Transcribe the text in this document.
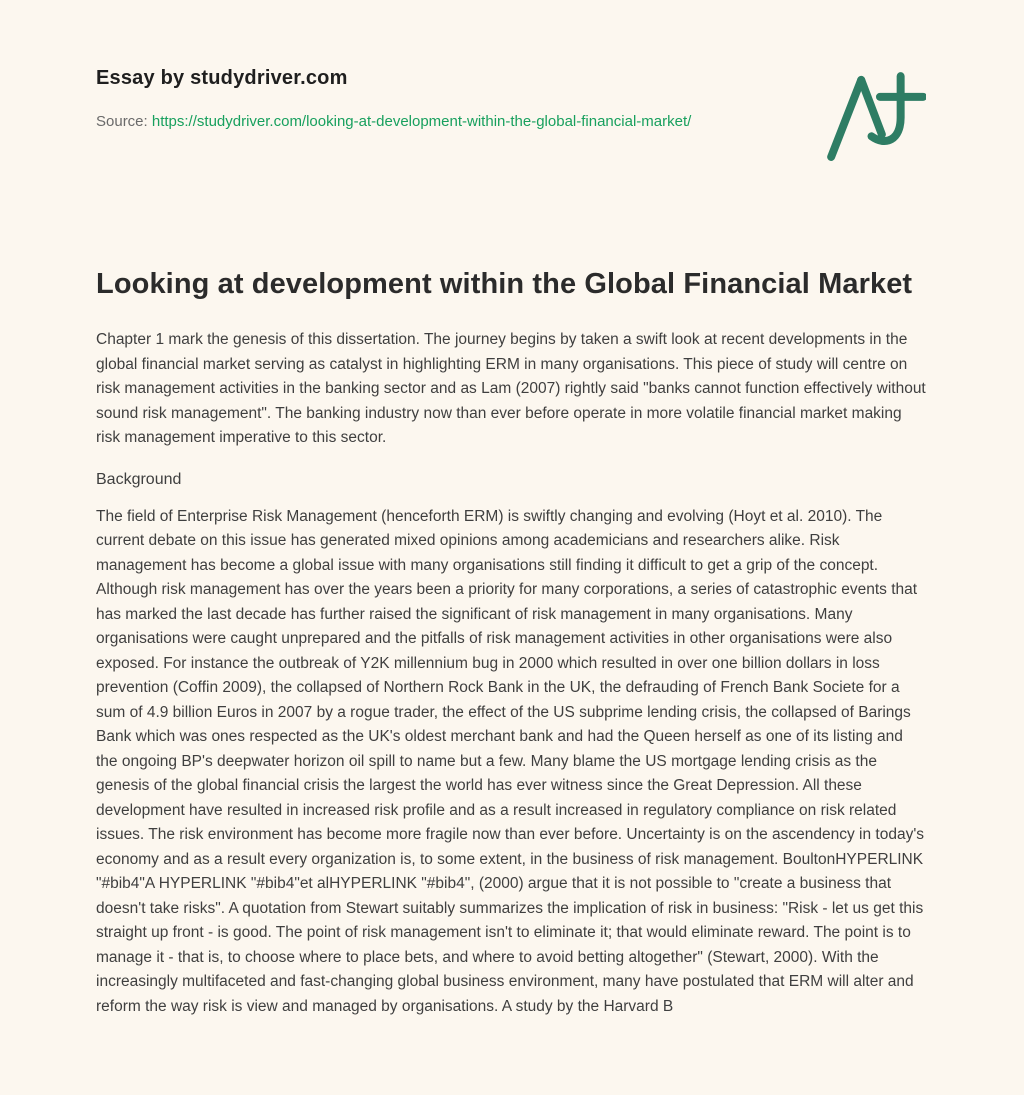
Essay by studydriver.com

Source: https://studydriver.com/looking-at-development-within-the-global-financial-market/

Looking at development within the Global Financial Market

Chapter 1 mark the genesis of this dissertation. The journey begins by taken a swift look at recent developments in the global financial market serving as catalyst in highlighting ERM in many organisations. This piece of study will centre on risk management activities in the banking sector and as Lam (2007) rightly said "banks cannot function effectively without sound risk management". The banking industry now than ever before operate in more volatile financial market making risk management imperative to this sector.

Background

The field of Enterprise Risk Management (henceforth ERM) is swiftly changing and evolving (Hoyt et al. 2010). The current debate on this issue has generated mixed opinions among academicians and researchers alike. Risk management has become a global issue with many organisations still finding it difficult to get a grip of the concept. Although risk management has over the years been a priority for many corporations, a series of catastrophic events that has marked the last decade has further raised the significant of risk management in many organisations. Many organisations were caught unprepared and the pitfalls of risk management activities in other organisations were also exposed. For instance the outbreak of Y2K millennium bug in 2000 which resulted in over one billion dollars in loss prevention (Coffin 2009), the collapsed of Northern Rock Bank in the UK, the defrauding of French Bank Societe for a sum of 4.9 billion Euros in 2007 by a rogue trader, the effect of the US subprime lending crisis, the collapsed of Barings Bank which was ones respected as the UK's oldest merchant bank and had the Queen herself as one of its listing and the ongoing BP's deepwater horizon oil spill to name but a few. Many blame the US mortgage lending crisis as the genesis of the global financial crisis the largest the world has ever witness since the Great Depression. All these development have resulted in increased risk profile and as a result increased in regulatory compliance on risk related issues. The risk environment has become more fragile now than ever before. Uncertainty is on the ascendency in today's economy and as a result every organization is, to some extent, in the business of risk management. BoultonHYPERLINK "#bib4"A HYPERLINK "#bib4"et alHYPERLINK "#bib4", (2000) argue that it is not possible to "create a business that doesn't take risks". A quotation from Stewart suitably summarizes the implication of risk in business: "Risk - let us get this straight up front - is good. The point of risk management isn't to eliminate it; that would eliminate reward. The point is to manage it - that is, to choose where to place bets, and where to avoid betting altogether" (Stewart, 2000). With the increasingly multifaceted and fast-changing global business environment, many have postulated that ERM will alter and reform the way risk is view and managed by organisations. A study by the Harvard B
